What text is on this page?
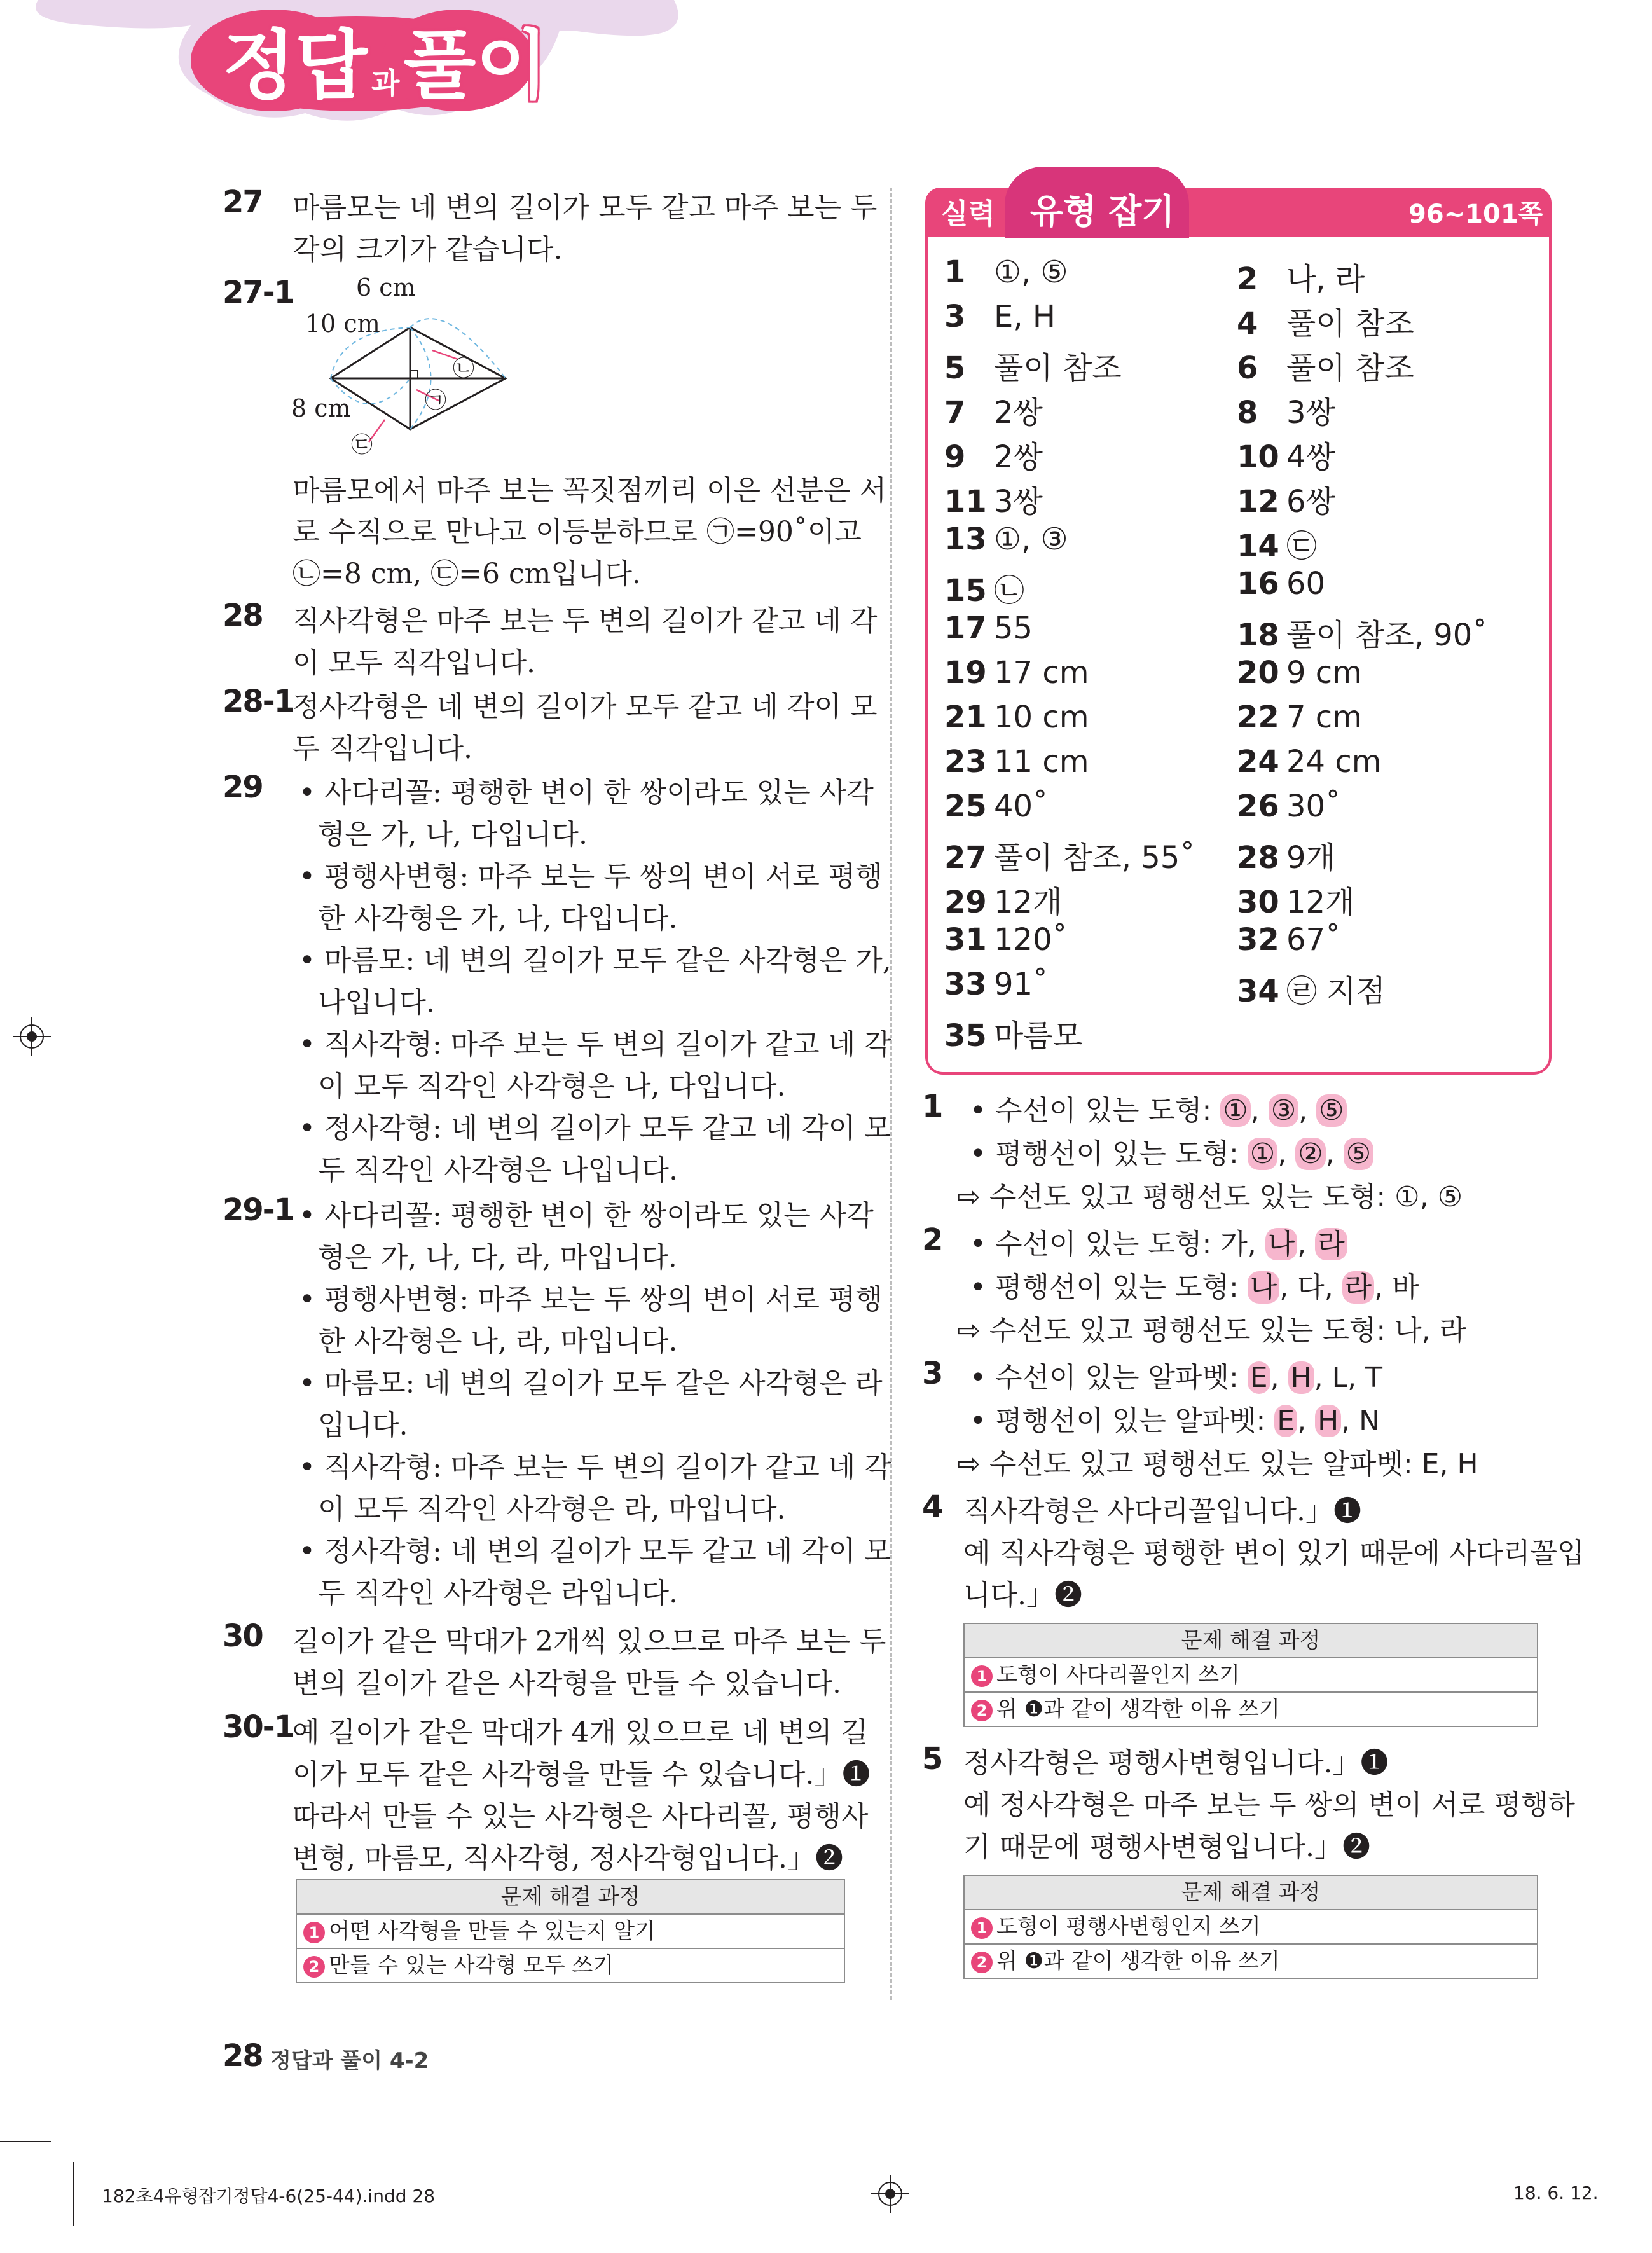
정답 과 풀이
27 마름모는 네 변의 길이가 모두 같고 마주 보는 두
각의 크기가 같습니다.
27-1	6 cm
10 cm
8 cm
㉡
㉠
㉢
마름모에서 마주 보는 꼭짓점끼리 이은 선분은 서
로 수직으로 만나고 이등분하므로 ㉠=90˚이고
㉡=8 cm, ㉢=6 cm입니다.
28 직사각형은 마주 보는 두 변의 길이가 같고 네 각
이 모두 직각입니다.
28-1
정사각형은 네 변의 길이가 모두 같고 네 각이 모
두 직각입니다.
29 • 사다리꼴: 평행한 변이 한 쌍이라도 있는 사각
형은 가, 나, 다입니다.
• 평행사변형: 마주 보는 두 쌍의 변이 서로 평행
한 사각형은 가, 나, 다입니다.
• 마름모: 네 변의 길이가 모두 같은 사각형은 가,
나입니다.
• 직사각형: 마주 보는 두 변의 길이가 같고 네 각
이 모두 직각인 사각형은 나, 다입니다.
• 정사각형: 네 변의 길이가 모두 같고 네 각이 모
두 직각인 사각형은 나입니다.
29-1 • 사다리꼴: 평행한 변이 한 쌍이라도 있는 사각
형은 가, 나, 다, 라, 마입니다.
• 평행사변형: 마주 보는 두 쌍의 변이 서로 평행
한 사각형은 나, 라, 마입니다.
• 마름모: 네 변의 길이가 모두 같은 사각형은 라
입니다.
• 직사각형: 마주 보는 두 변의 길이가 같고 네 각
이 모두 직각인 사각형은 라, 마입니다.
• 정사각형: 네 변의 길이가 모두 같고 네 각이 모
두 직각인 사각형은 라입니다.
30 길이가 같은 막대가 2개씩 있으므로 마주 보는 두
변의 길이가 같은 사각형을 만들 수 있습니다.
30-1
예 길이가 같은 막대가 4개 있으므로 네 변의 길
이가 모두 같은 사각형을 만들 수 있습니다.」❶
따라서 만들 수 있는 사각형은 사다리꼴, 평행사
변형, 마름모, 직사각형, 정사각형입니다.」❷
문제 해결 과정
1 어떤 사각형을 만들 수 있는지 알기
2 만들 수 있는 사각형 모두 쓰기
실력 유형 잡기	96~101쪽
1 ①, ⑤	2 나, 라
3 E, H	4 풀이 참조
5 풀이 참조	6 풀이 참조
7 2쌍	8 3쌍
9 2쌍	10 4쌍
11 3쌍	12 6쌍
13 ①, ③	14 ㉢
15 ㉡	16 60
17 55	18 풀이 참조, 90˚
19 17 cm	20 9 cm
21 10 cm	22 7 cm
23 11 cm	24 24 cm
25 40˚	26 30˚
27 풀이 참조, 55˚ 28 9개
29 12개	30 12개
31 120˚	32 67˚
33 91˚	34 ㉣ 지점
35 마름모
1 • 수선이 있는 도형: ①, ③, ⑤
• 평행선이 있는 도형: ①, ②, ⑤
⇨ 수선도 있고 평행선도 있는 도형: ①, ⑤
2 • 수선이 있는 도형: 가, 나, 라
• 평행선이 있는 도형: 나, 다, 라, 바
⇨ 수선도 있고 평행선도 있는 도형: 나, 라
3 • 수선이 있는 알파벳: E, H, L, T
• 평행선이 있는 알파벳: E, H, N
⇨ 수선도 있고 평행선도 있는 알파벳: E, H
4 직사각형은 사다리꼴입니다.」❶
예 직사각형은 평행한 변이 있기 때문에 사다리꼴입
니다.」❷
문제 해결 과정
1 도형이 사다리꼴인지 쓰기
2 위 ❶과 같이 생각한 이유 쓰기
5 정사각형은 평행사변형입니다.」❶
예 정사각형은 마주 보는 두 쌍의 변이 서로 평행하
기 때문에 평행사변형입니다.」❷
문제 해결 과정
1 도형이 평행사변형인지 쓰기
2 위 ❶과 같이 생각한 이유 쓰기
28 정답과 풀이 4-2
182초4유형잡기정답4-6(25-44).indd 28	18. 6. 12.
